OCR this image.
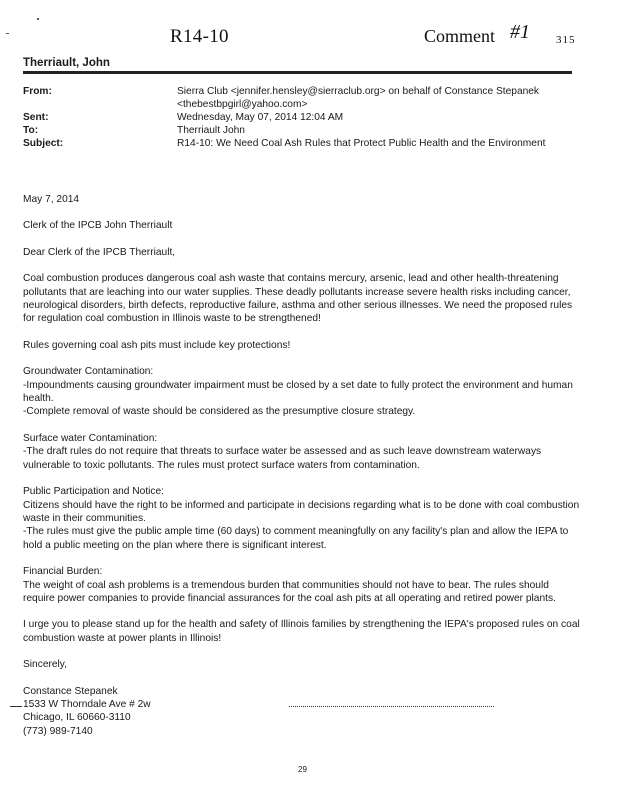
R14-10	Comment #1 315
Therriault, John
From:	Sierra Club <jennifer.hensley@sierraclub.org> on behalf of Constance Stepanek
<thebestbpgirl@yahoo.com>
Sent:	Wednesday, May 07, 2014 12:04 AM
To:	Therriault John
Subject:	R14-10: We Need Coal Ash Rules that Protect Public Health and the Environment

May 7, 2014

Clerk of the IPCB John Therriault

Dear Clerk of the IPCB Therriault,

Coal combustion produces dangerous coal ash waste that contains mercury, arsenic, lead and other health-threatening pollutants that are leaching into our water supplies. These deadly pollutants increase severe health risks including cancer, neurological disorders, birth defects, reproductive failure, asthma and other serious illnesses. We need the proposed rules for regulation coal combustion in Illinois waste to be strengthened!

Rules governing coal ash pits must include key protections!

Groundwater Contamination:

-Impoundments causing groundwater impairment must be closed by a set date to fully protect the environment and human health.

-Complete removal of waste should be considered as the presumptive closure strategy.

Surface water Contamination:

-The draft rules do not require that threats to surface water be assessed and as such leave downstream waterways vulnerable to toxic pollutants. The rules must protect surface waters from contamination.

Public Participation and Notice:

Citizens should have the right to be informed and participate in decisions regarding what is to be done with coal combustion waste in their communities.

-The rules must give the public ample time (60 days) to comment meaningfully on any facility's plan and allow the IEPA to hold a public meeting on the plan where there is significant interest.

Financial Burden:

The weight of coal ash problems is a tremendous burden that communities should not have to bear. The rules should require power companies to provide financial assurances for the coal ash pits at all operating and retired power plants.

I urge you to please stand up for the health and safety of Illinois families by strengthening the IEPA's proposed rules on coal combustion waste at power plants in Illinois!

Sincerely,

Constance Stepanek
1533 W Thorndale Ave # 2w
Chicago, IL 60660-3110
(773) 989-7140
29
